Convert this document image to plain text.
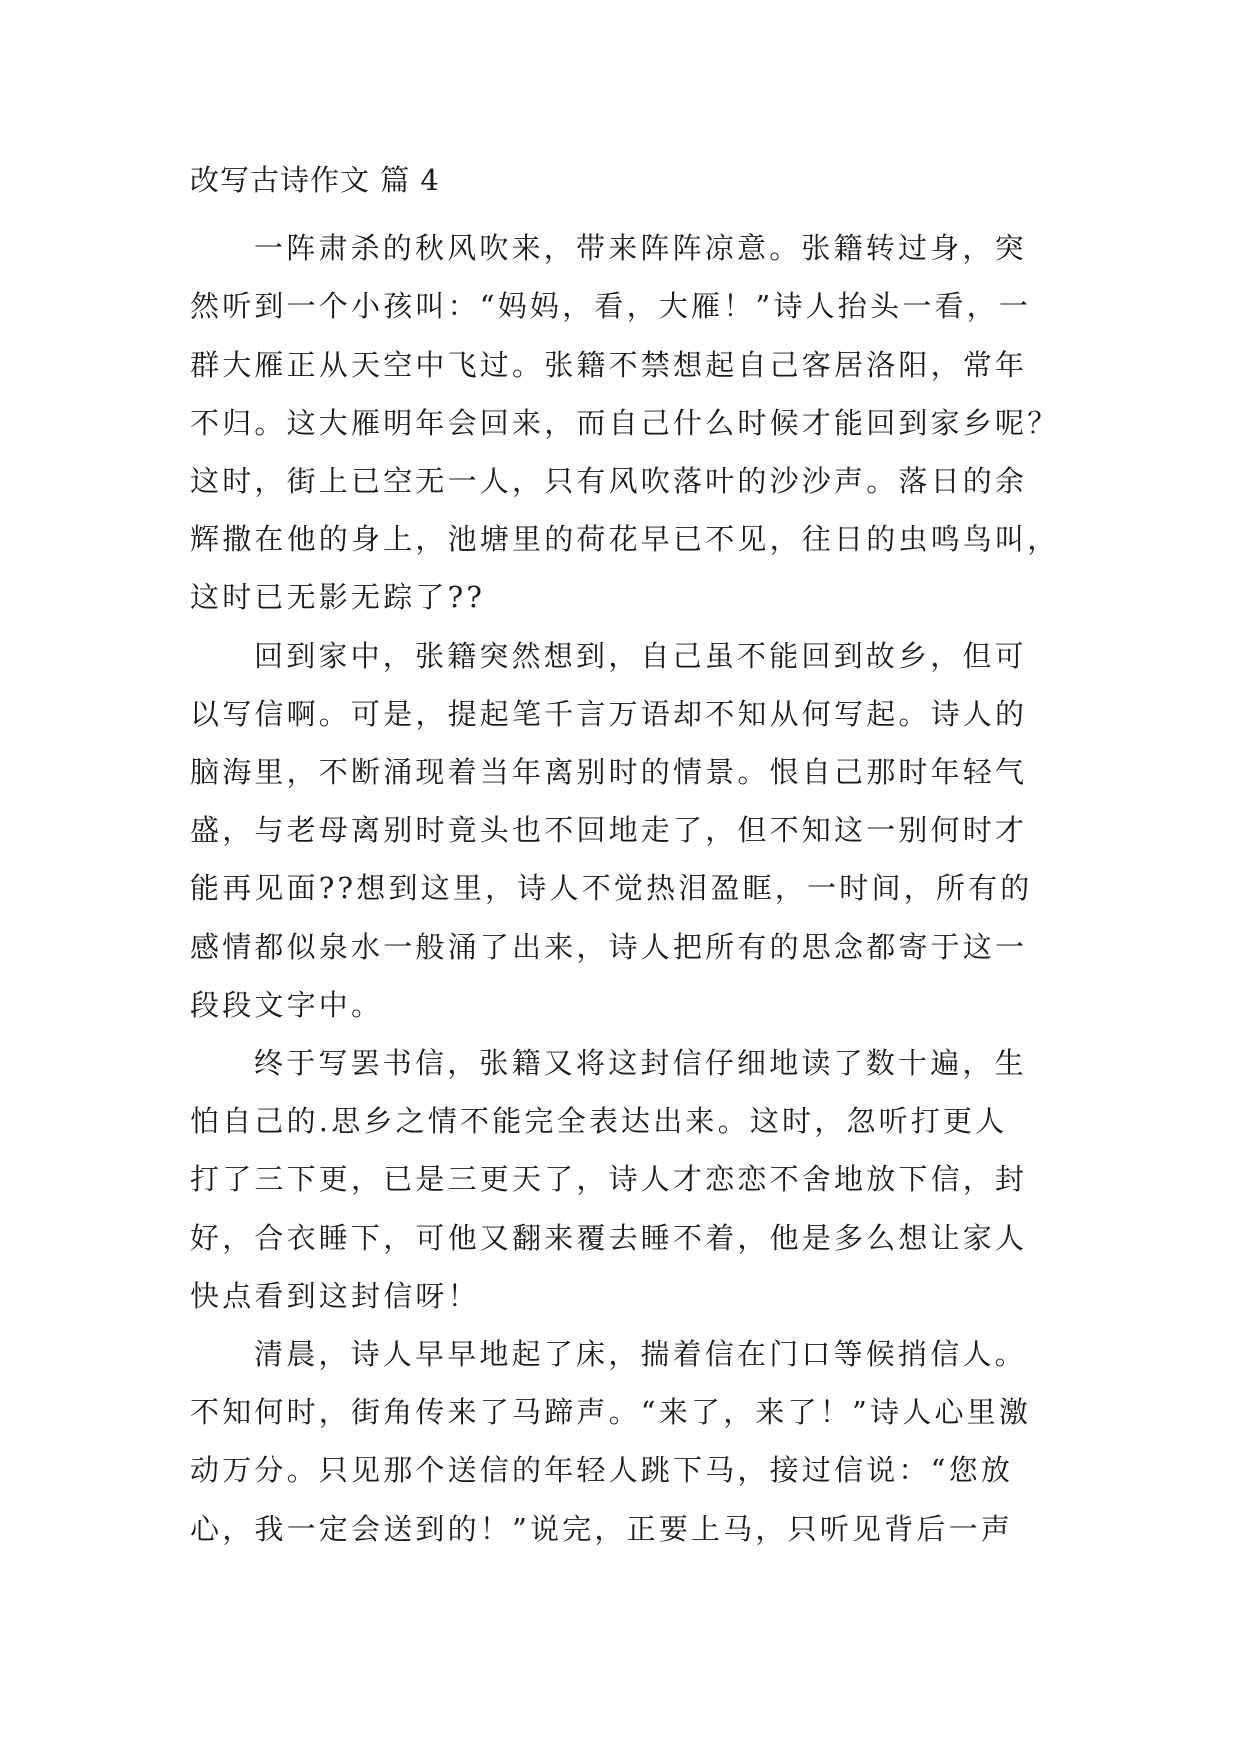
改写古诗作文 篇 4
一阵肃杀的秋风吹来，带来阵阵凉意。张籍转过身，突
然听到一个小孩叫：“妈妈，看，大雁！”诗人抬头一看，一
群大雁正从天空中飞过。张籍不禁想起自己客居洛阳，常年
不归。这大雁明年会回来，而自己什么时候才能回到家乡呢？
这时，街上已空无一人，只有风吹落叶的沙沙声。落日的余
辉撒在他的身上，池塘里的荷花早已不见，往日的虫鸣鸟叫，
这时已无影无踪了??
回到家中，张籍突然想到，自己虽不能回到故乡，但可
以写信啊。可是，提起笔千言万语却不知从何写起。诗人的
脑海里，不断涌现着当年离别时的情景。恨自己那时年轻气
盛，与老母离别时竟头也不回地走了，但不知这一别何时才
能再见面??想到这里，诗人不觉热泪盈眶，一时间，所有的
感情都似泉水一般涌了出来，诗人把所有的思念都寄于这一
段段文字中。
终于写罢书信，张籍又将这封信仔细地读了数十遍，生
怕自己的.思乡之情不能完全表达出来。这时，忽听打更人
打了三下更，已是三更天了，诗人才恋恋不舍地放下信，封
好，合衣睡下，可他又翻来覆去睡不着，他是多么想让家人
快点看到这封信呀！
清晨，诗人早早地起了床，揣着信在门口等候捎信人。
不知何时，街角传来了马蹄声。“来了，来了！”诗人心里激
动万分。只见那个送信的年轻人跳下马，接过信说：“您放
心，我一定会送到的！”说完，正要上马，只听见背后一声
